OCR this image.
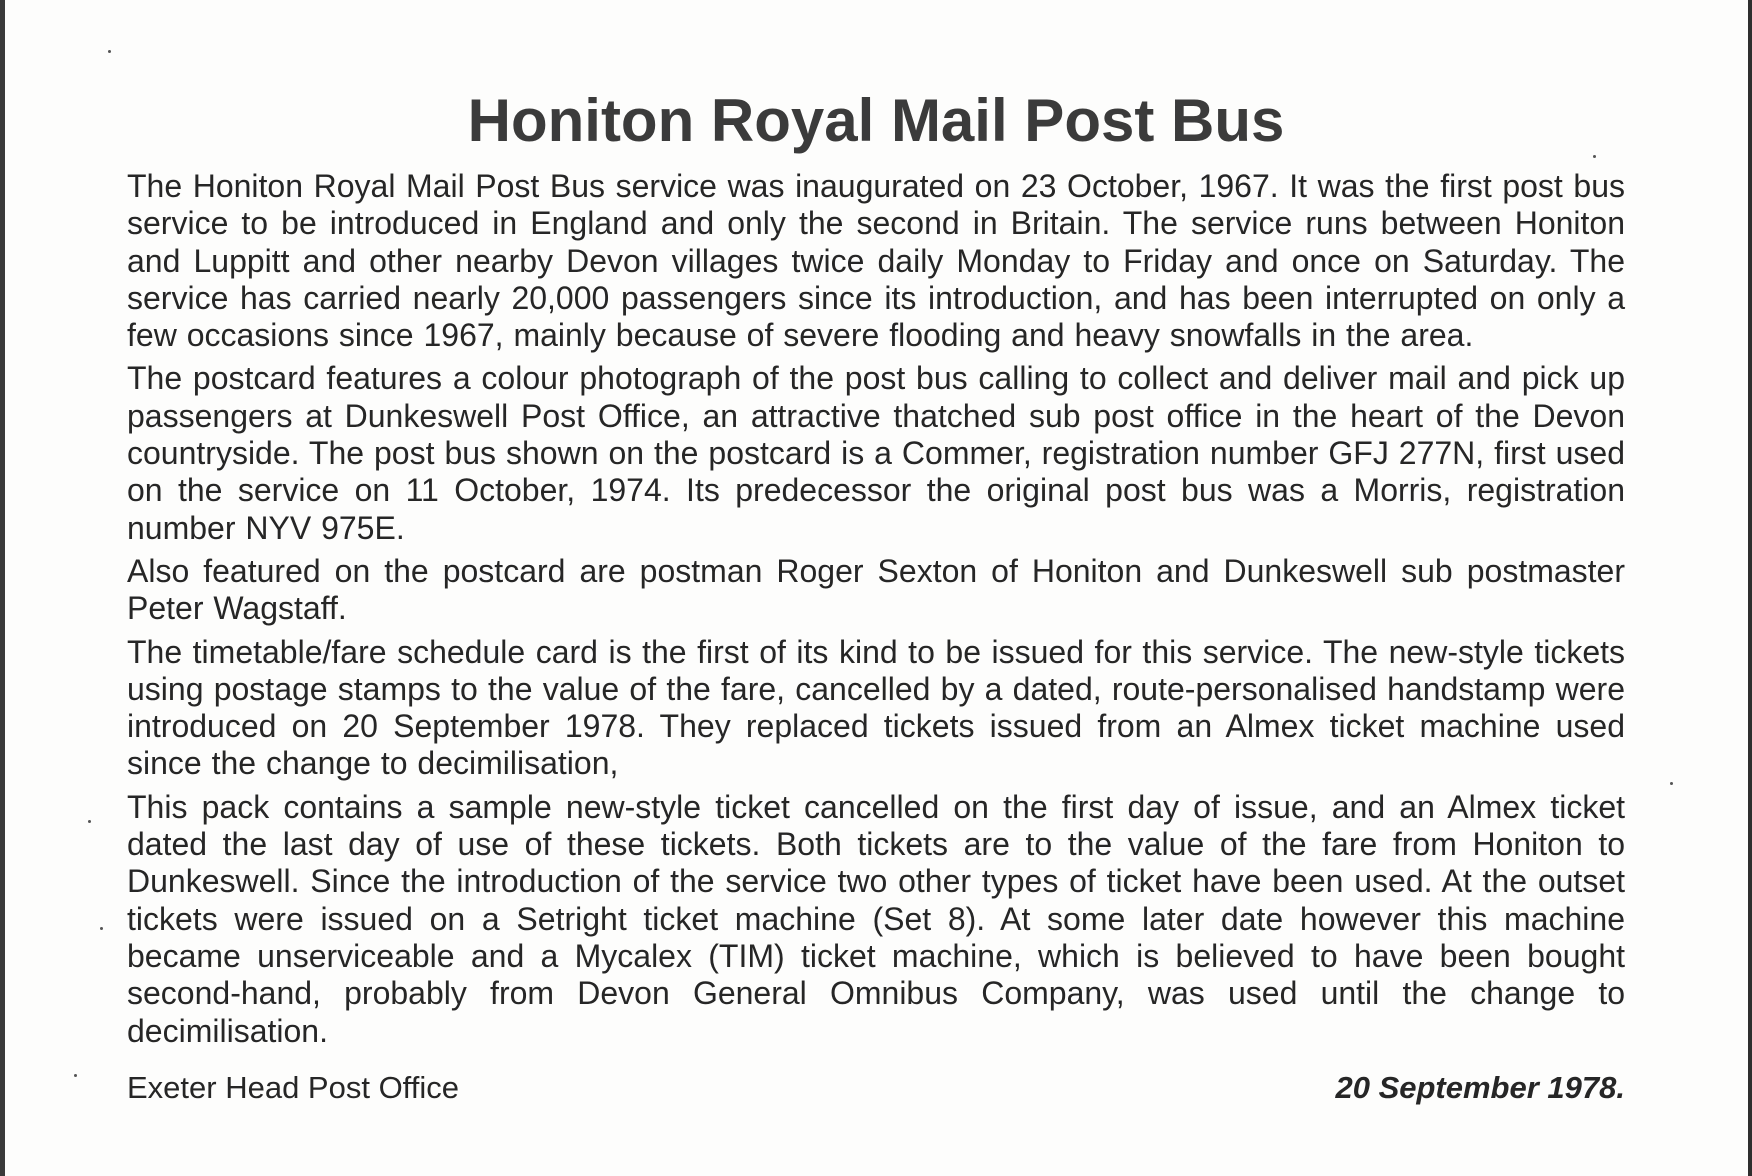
Honiton Royal Mail Post Bus

The Honiton Royal Mail Post Bus service was inaugurated on 23 October, 1967. It was the first post bus service to be introduced in England and only the second in Britain. The service runs between Honiton and Luppitt and other nearby Devon villages twice daily Monday to Friday and once on Saturday. The service has carried nearly 20,000 passengers since its introduction, and has been interrupted on only a few occasions since 1967, mainly because of severe flooding and heavy snowfalls in the area.

The postcard features a colour photograph of the post bus calling to collect and deliver mail and pick up passengers at Dunkeswell Post Office, an attractive thatched sub post office in the heart of the Devon countryside. The post bus shown on the postcard is a Commer, registration number GFJ 277N, first used on the service on 11 October, 1974. Its predecessor the original post bus was a Morris, registration number NYV 975E.

Also featured on the postcard are postman Roger Sexton of Honiton and Dunkeswell sub postmaster Peter Wagstaff.

The timetable/fare schedule card is the first of its kind to be issued for this service. The new-style tickets using postage stamps to the value of the fare, cancelled by a dated, route-personalised handstamp were introduced on 20 September 1978. They replaced tickets issued from an Almex ticket machine used since the change to decimilisation,

This pack contains a sample new-style ticket cancelled on the first day of issue, and an Almex ticket dated the last day of use of these tickets. Both tickets are to the value of the fare from Honiton to Dunkeswell. Since the introduction of the service two other types of ticket have been used. At the outset tickets were issued on a Setright ticket machine (Set 8). At some later date however this machine became unserviceable and a Mycalex (TIM) ticket machine, which is believed to have been bought second-hand, probably from Devon General Omnibus Company, was used until the change to decimilisation.

Exeter Head Post Office	20 September 1978.
